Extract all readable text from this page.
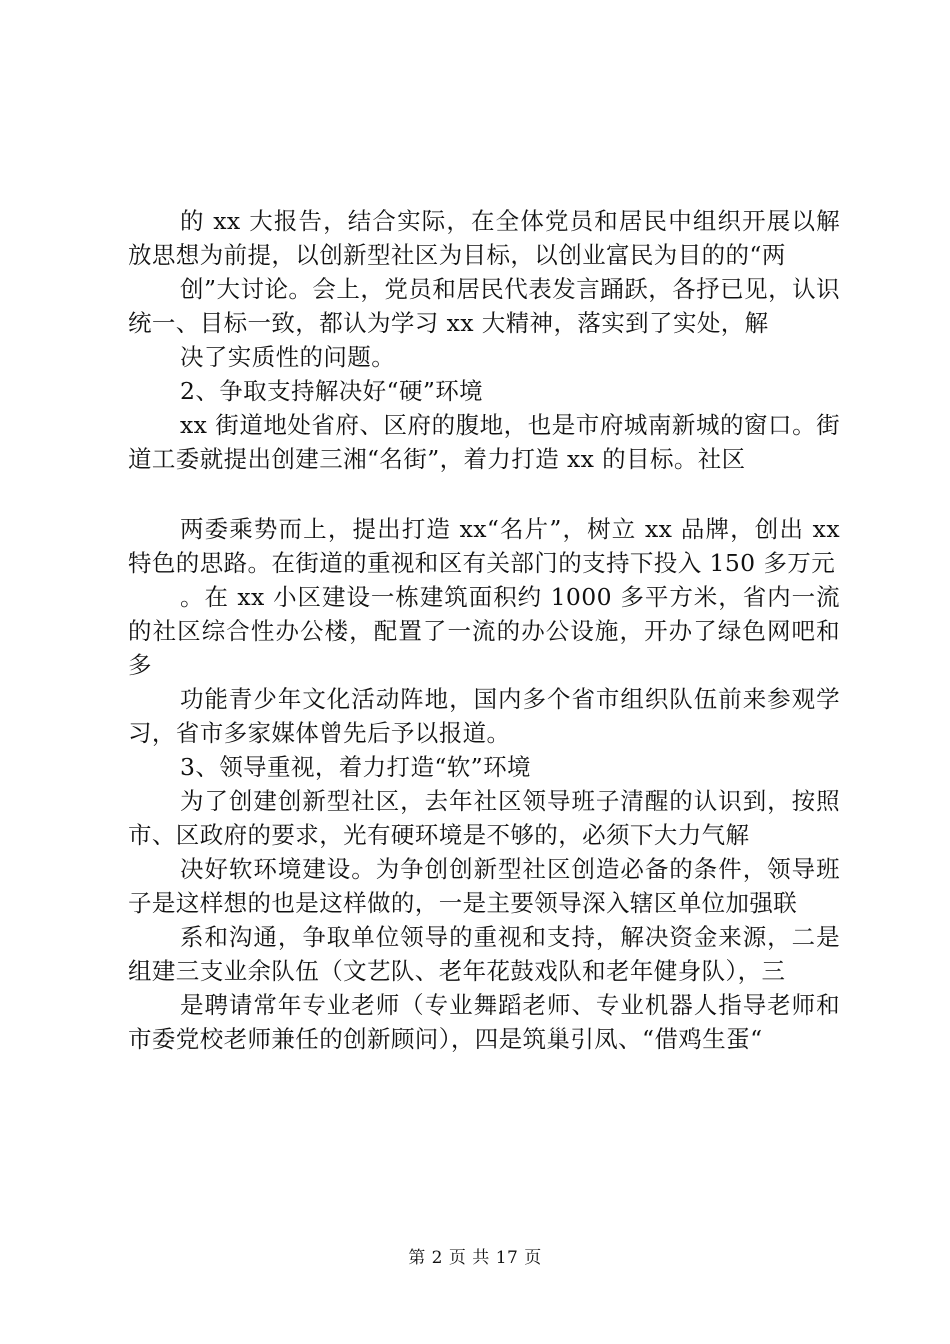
的 xx 大报告，结合实际，在全体党员和居民中组织开展以解放思想为前提，以创新型社区为目标，以创业富民为目的的“两

创”大讨论。会上，党员和居民代表发言踊跃，各抒已见，认识统一、目标一致，都认为学习 xx 大精神，落实到了实处，解

决了实质性的问题。

2、争取支持解决好“硬”环境

xx 街道地处省府、区府的腹地，也是市府城南新城的窗口。街道工委就提出创建三湘“名街”，着力打造 xx 的目标。社区

两委乘势而上，提出打造 xx“名片”，树立 xx 品牌，创出 xx 特色的思路。在街道的重视和区有关部门的支持下投入 150 多万元

。在 xx 小区建设一栋建筑面积约 1000 多平方米，省内一流的社区综合性办公楼，配置了一流的办公设施，开办了绿色网吧和多

功能青少年文化活动阵地，国内多个省市组织队伍前来参观学习，省市多家媒体曾先后予以报道。

3、领导重视，着力打造“软”环境

为了创建创新型社区，去年社区领导班子清醒的认识到，按照市、区政府的要求，光有硬环境是不够的，必须下大力气解

决好软环境建设。为争创创新型社区创造必备的条件，领导班子是这样想的也是这样做的，一是主要领导深入辖区单位加强联

系和沟通，争取单位领导的重视和支持，解决资金来源，二是组建三支业余队伍（文艺队、老年花鼓戏队和老年健身队），三

是聘请常年专业老师（专业舞蹈老师、专业机器人指导老师和市委党校老师兼任的创新顾问），四是筑巢引凤、“借鸡生蛋“

第 2 页 共 17 页
